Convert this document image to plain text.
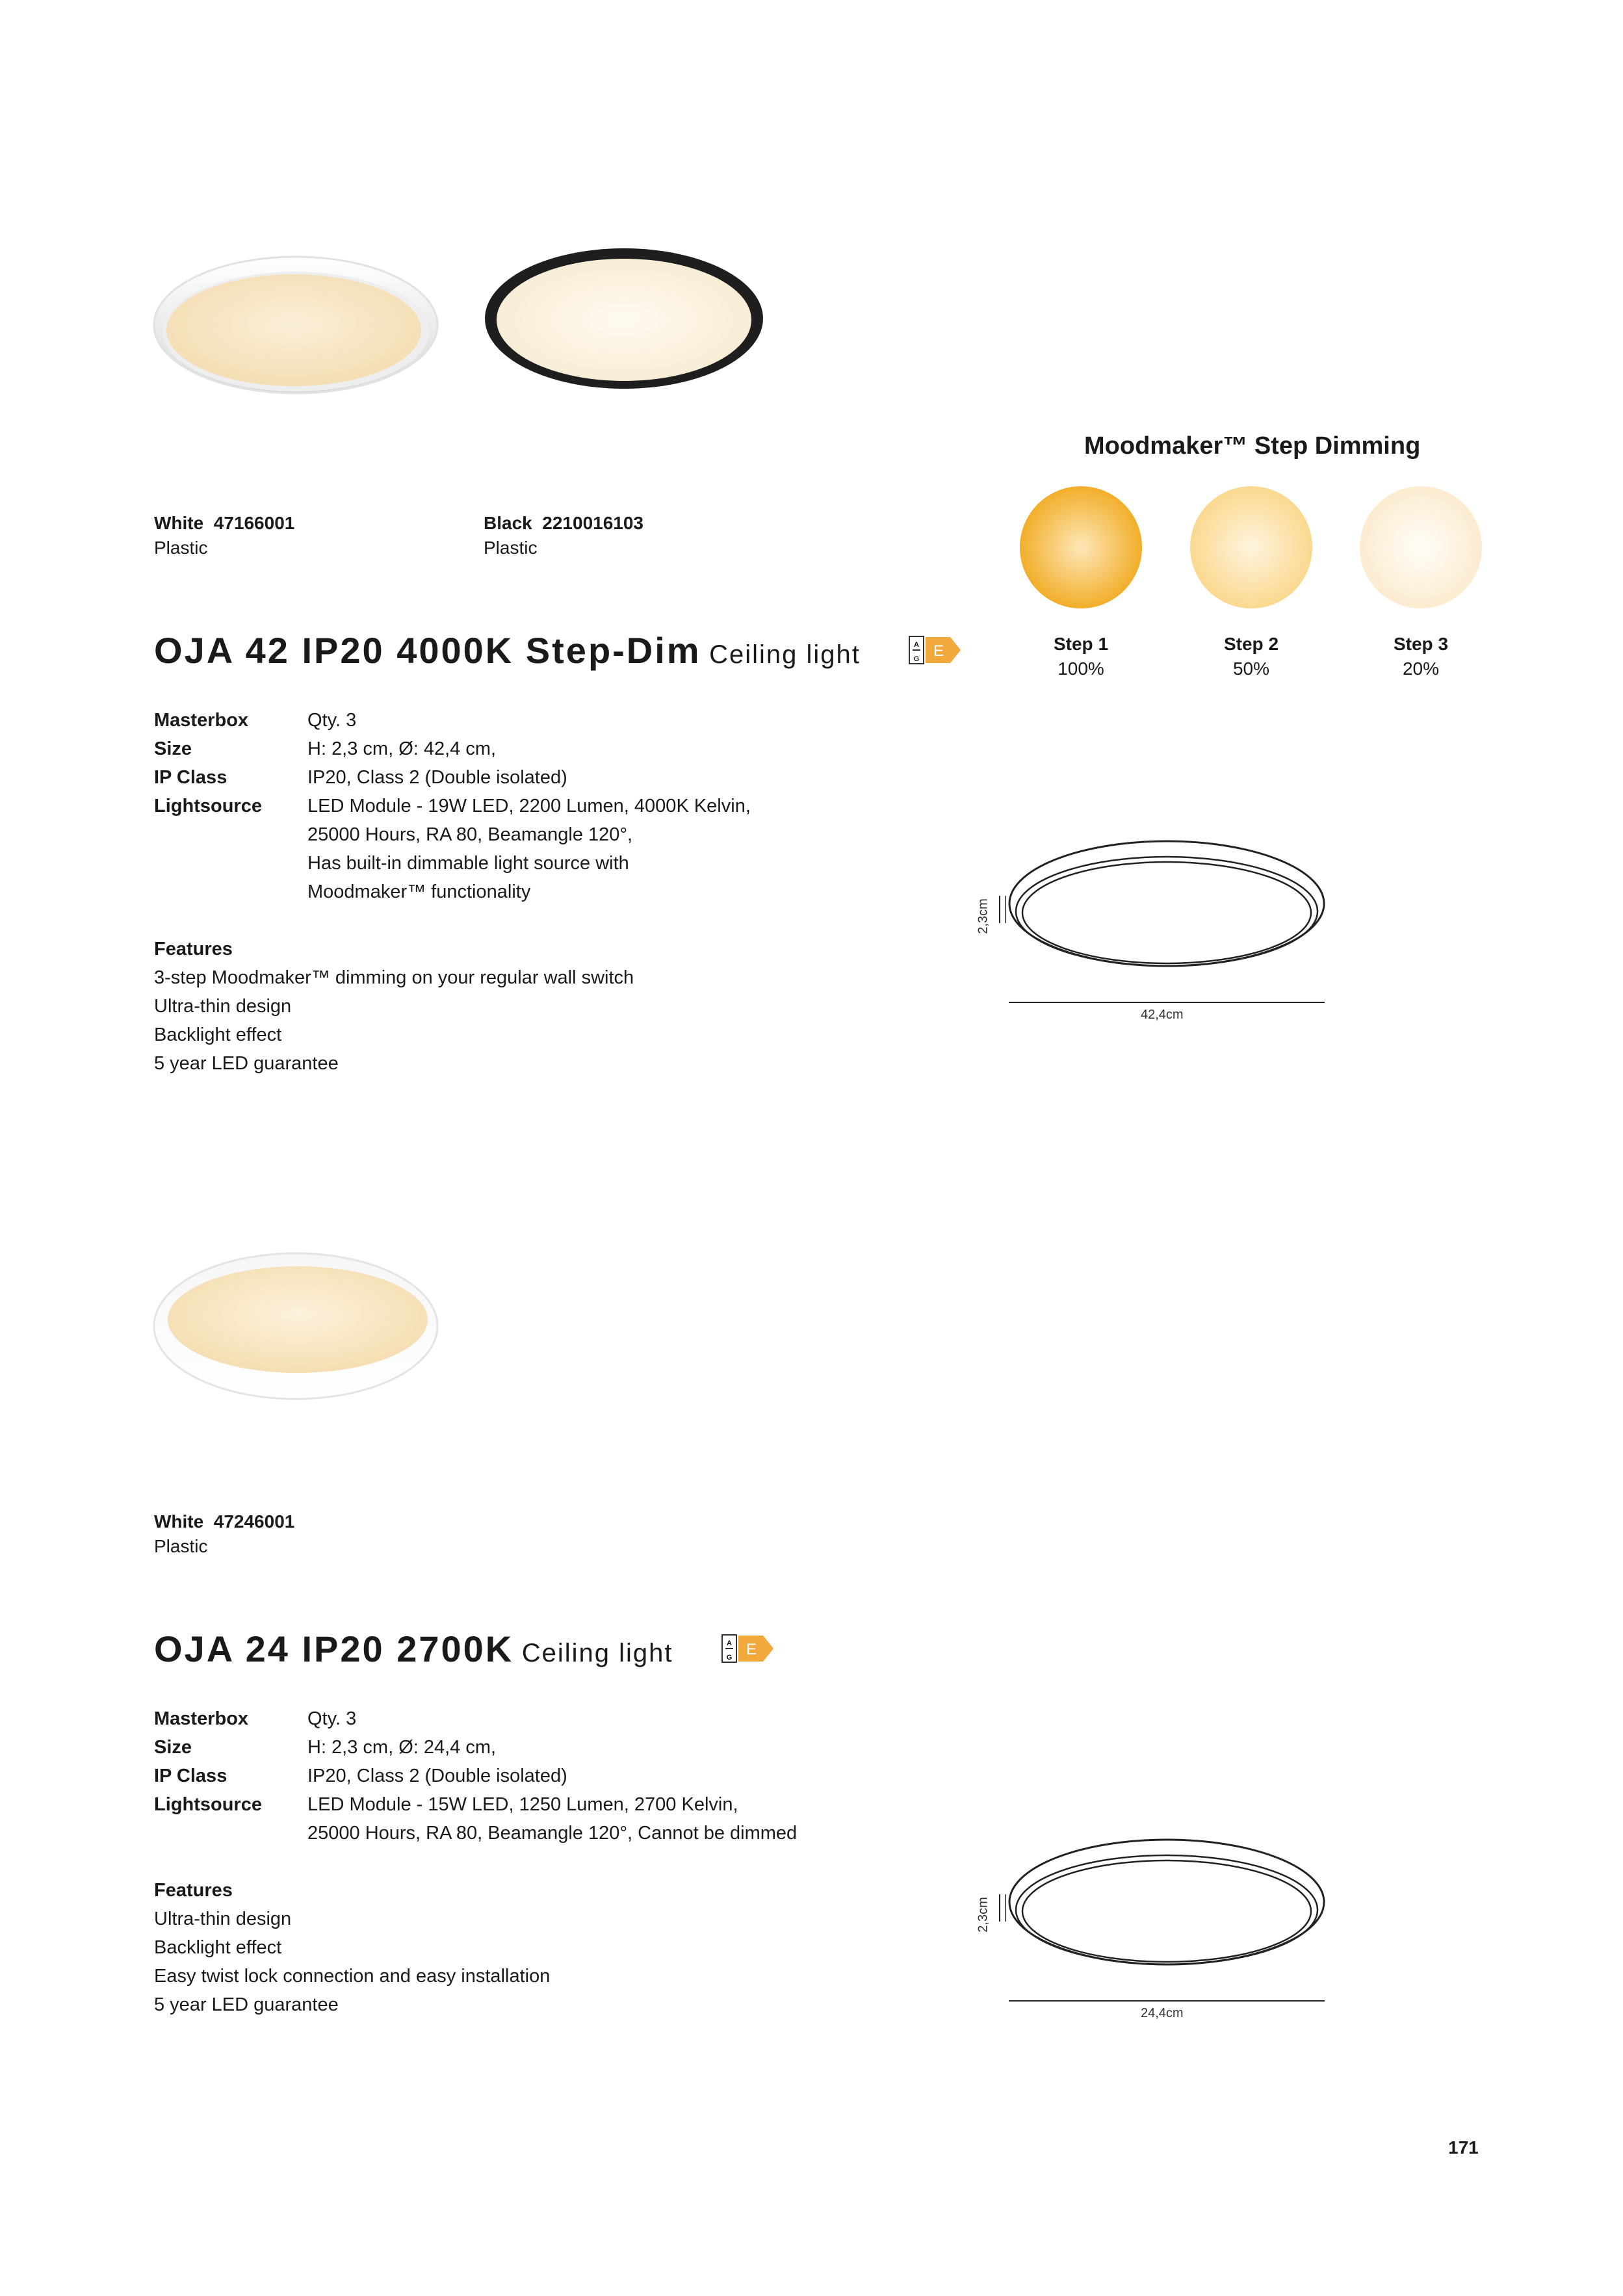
White  47166001
Plastic
Black  2210016103
Plastic
OJA 42 IP20 4000K Step-Dim Ceiling light	A
G E
Masterbox	Qty. 3
Size	H: 2,3 cm, Ø: 42,4 cm,
IP Class	IP20, Class 2 (Double isolated)
Lightsource	LED Module - 19W LED, 2200 Lumen, 4000K Kelvin,
25000 Hours, RA 80, Beamangle 120°,
Has built-in dimmable light source with
Moodmaker™ functionality
Features
3-step Moodmaker™ dimming on your regular wall switch
Ultra-thin design
Backlight effect
5 year LED guarantee
Moodmaker™ Step Dimming
Step 1
100%
Step 2
50%
Step 3
20%
2,3cm
42,4cm
White  47246001
Plastic
OJA 24 IP20 2700K Ceiling light	A
G E
Masterbox	Qty. 3
Size	H: 2,3 cm, Ø: 24,4 cm,
IP Class	IP20, Class 2 (Double isolated)
Lightsource	LED Module - 15W LED, 1250 Lumen, 2700 Kelvin,
25000 Hours, RA 80, Beamangle 120°, Cannot be dimmed
Features
Ultra-thin design
Backlight effect
Easy twist lock connection and easy installation
5 year LED guarantee
2,3cm
24,4cm
171
